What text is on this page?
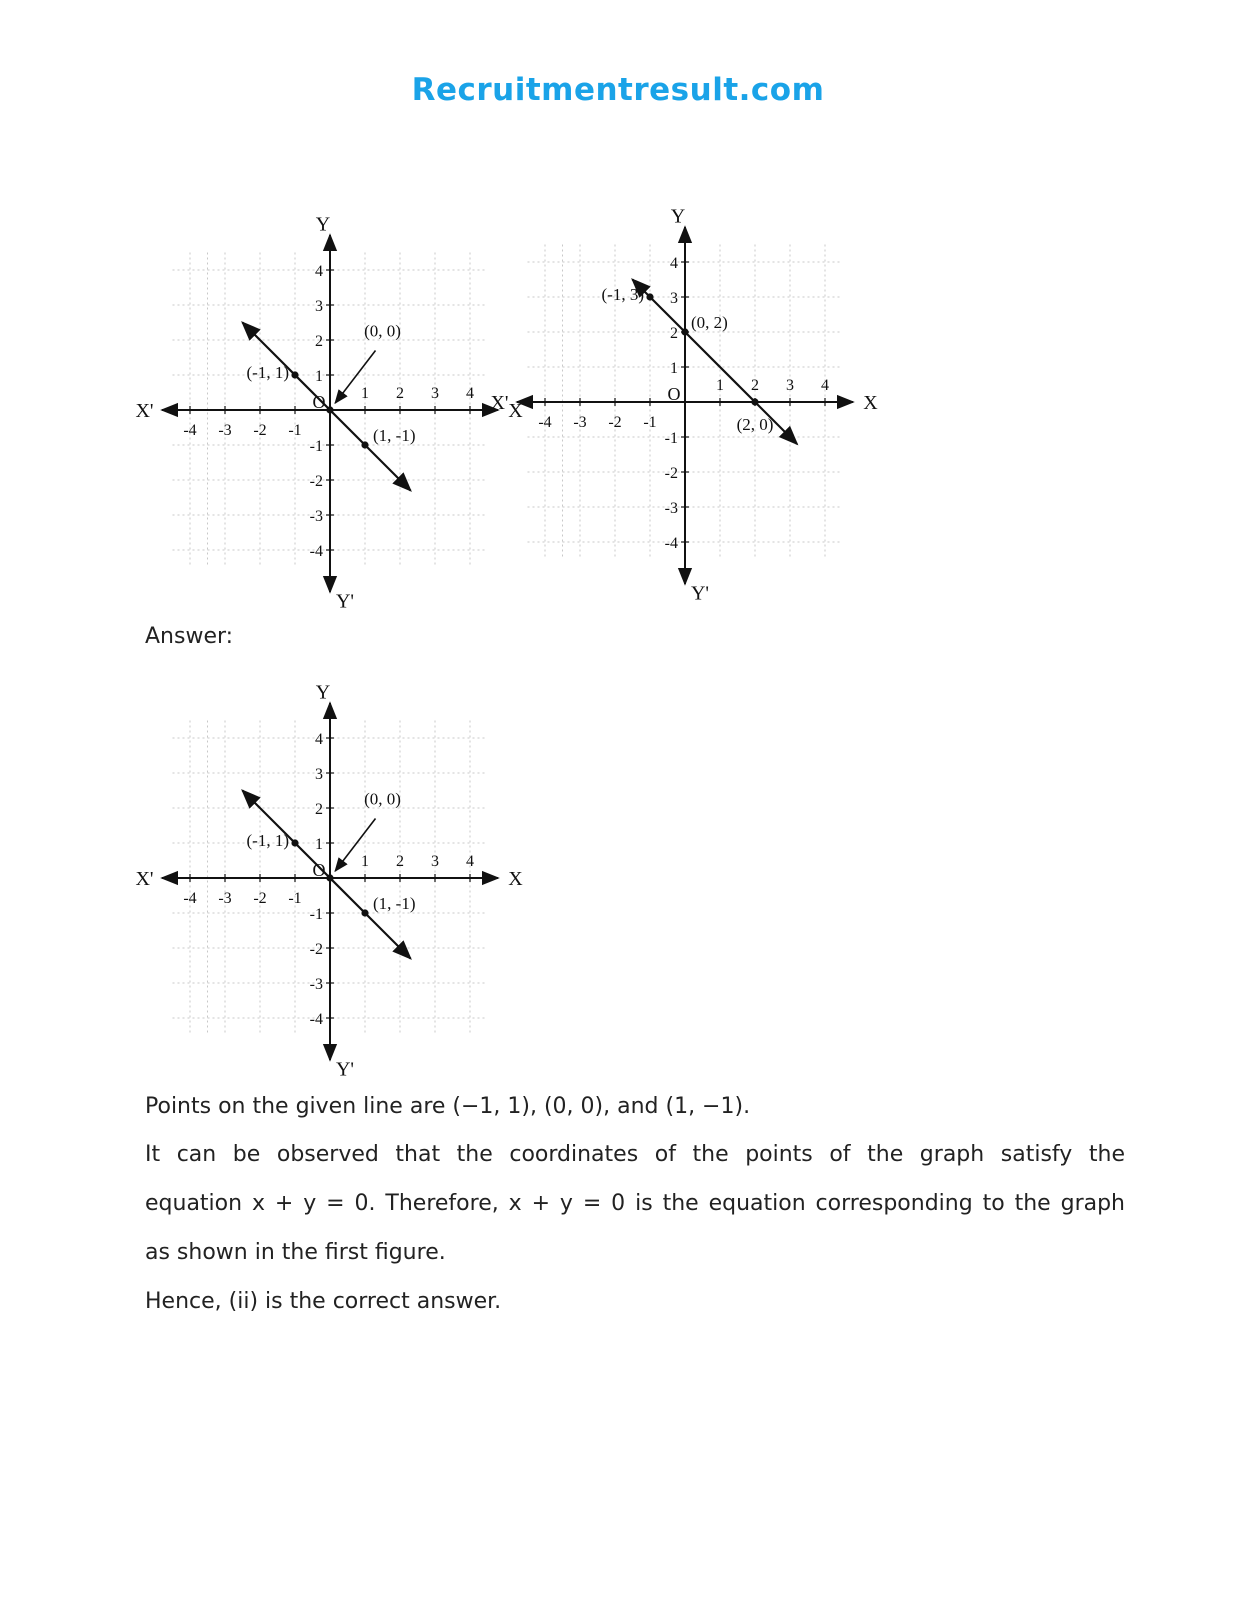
Recruitmentresult.com
X
X'
Y
Y'
O
-4 -3 -2 -1
1 2 3 4
4
3
2
1
-1
-2
-3
-4
(-1, 1)
(0, 0)
(1, -1)
X
X'
Y
Y'
O
-4 -3 -2 -1
1 2 3 4
4
3
2
1
-1
-2
-3
-4
(-1, 3)
(0, 2)
(2, 0)
Answer:
X
X'
Y
Y'
O
-4 -3 -2 -1
1 2 3 4
4
3
2
1
-1
-2
-3
-4
(-1, 1)
(0, 0)
(1, -1)
Points on the given line are (−1, 1), (0, 0), and (1, −1).
It can be observed that the coordinates of the points of the graph satisfy the
equation x + y = 0. Therefore, x + y = 0 is the equation corresponding to the graph
as shown in the first figure.
Hence, (ii) is the correct answer.
